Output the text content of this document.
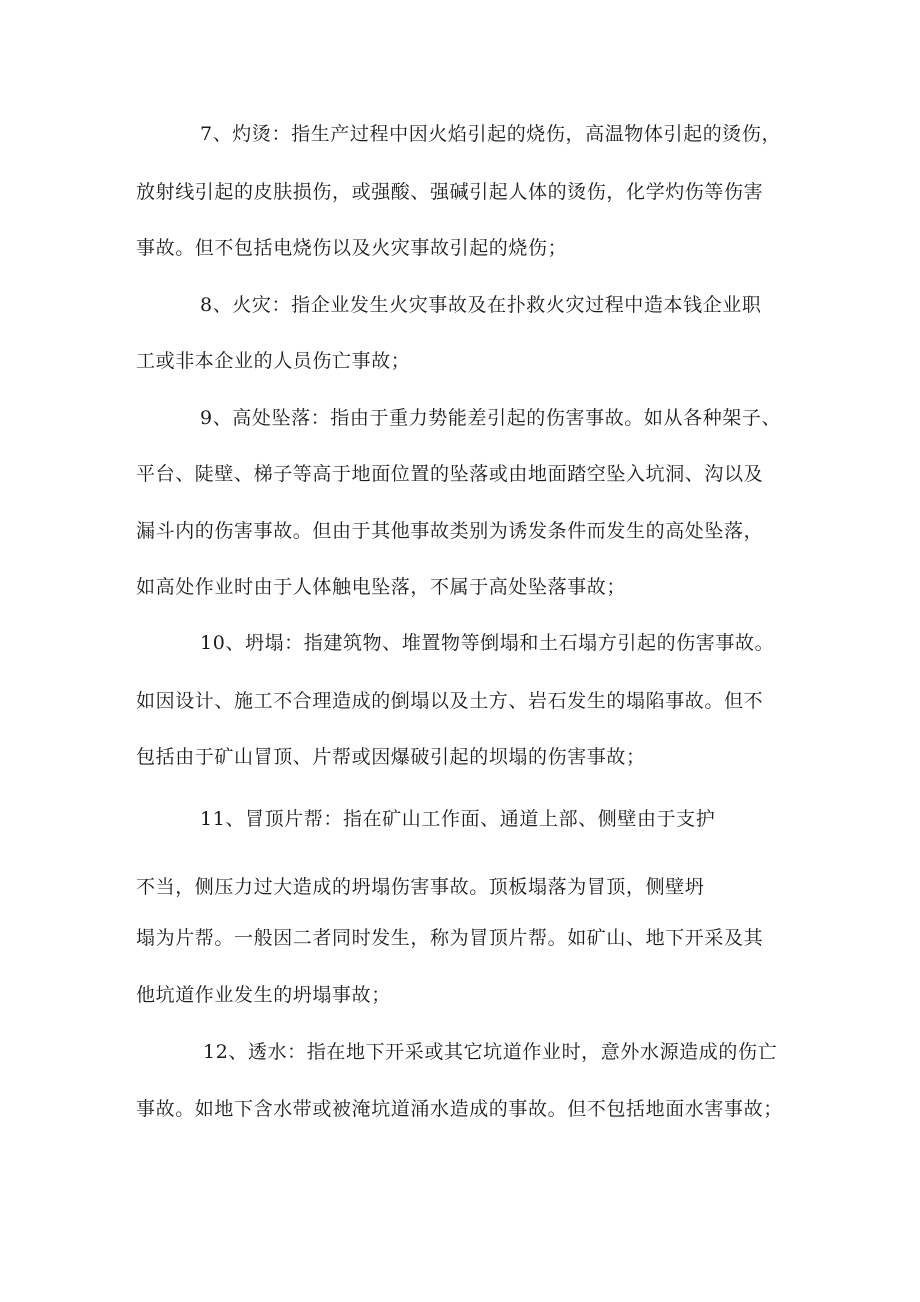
7、灼烫：指生产过程中因火焰引起的烧伤，高温物体引起的烫伤，
放射线引起的皮肤损伤，或强酸、强碱引起人体的烫伤，化学灼伤等伤害
事故。但不包括电烧伤以及火灾事故引起的烧伤；
8、火灾：指企业发生火灾事故及在扑救火灾过程中造本钱企业职
工或非本企业的人员伤亡事故；
9、高处坠落：指由于重力势能差引起的伤害事故。如从各种架子、
平台、陡壁、梯子等高于地面位置的坠落或由地面踏空坠入坑洞、沟以及
漏斗内的伤害事故。但由于其他事故类别为诱发条件而发生的高处坠落，
如高处作业时由于人体触电坠落，不属于高处坠落事故；
10、坍塌：指建筑物、堆置物等倒塌和土石塌方引起的伤害事故。
如因设计、施工不合理造成的倒塌以及土方、岩石发生的塌陷事故。但不
包括由于矿山冒顶、片帮或因爆破引起的坝塌的伤害事故；
11、冒顶片帮：指在矿山工作面、通道上部、侧壁由于支护
不当，侧压力过大造成的坍塌伤害事故。顶板塌落为冒顶，侧壁坍
塌为片帮。一般因二者同时发生，称为冒顶片帮。如矿山、地下开采及其
他坑道作业发生的坍塌事故；
12、透水：指在地下开采或其它坑道作业时，意外水源造成的伤亡
事故。如地下含水带或被淹坑道涌水造成的事故。但不包括地面水害事故；
